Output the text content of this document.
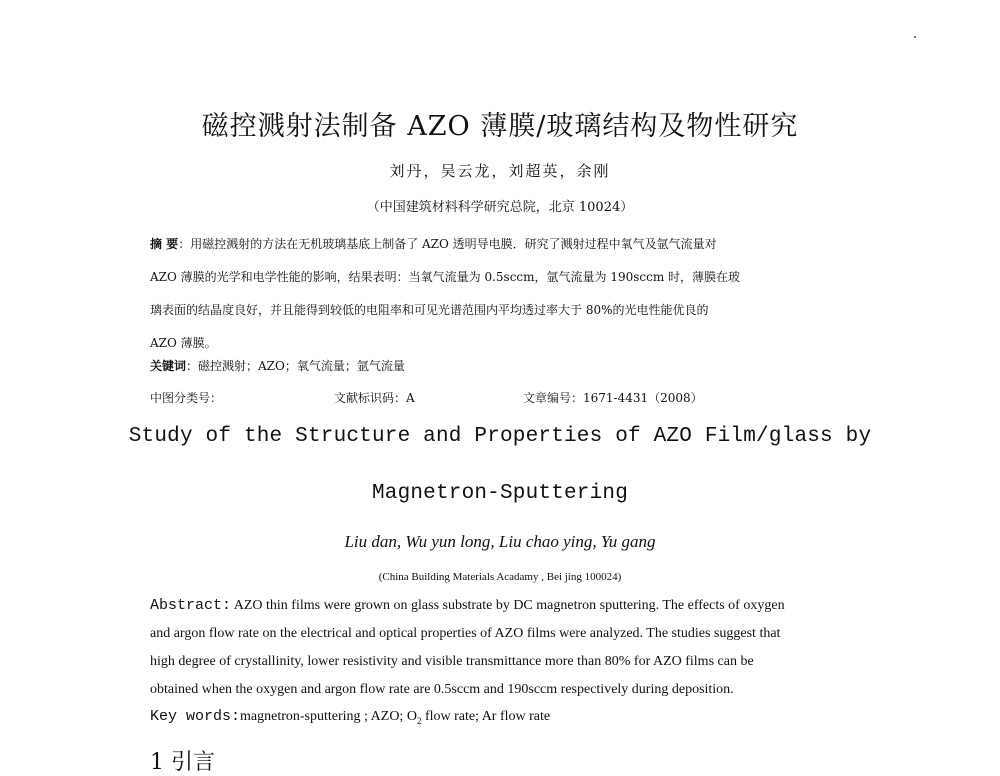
磁控溅射法制备 AZO 薄膜/玻璃结构及物性研究
刘丹，吴云龙，刘超英，余刚
（中国建筑材料科学研究总院，北京 10024）
摘 要：用磁控溅射的方法在无机玻璃基底上制备了 AZO 透明导电膜．研究了溅射过程中氧气及氩气流量对
AZO 薄膜的光学和电学性能的影响，结果表明：当氧气流量为 0.5sccm，氩气流量为 190sccm 时，薄膜在玻
璃表面的结晶度良好，并且能得到较低的电阻率和可见光谱范围内平均透过率大于 80%的光电性能优良的
AZO 薄膜。
关键词：磁控溅射；AZO；氧气流量；氩气流量
中图分类号：	文献标识码：A	文章编号：1671-4431（2008）
Study of the Structure and Properties of AZO Film/glass by
Magnetron-Sputtering
Liu dan, Wu yun long, Liu chao ying, Yu gang
(China Building Materials Acadamy , Bei jing 100024)
Abstract: AZO thin films were grown on glass substrate by DC magnetron sputtering. The effects of oxygen
and argon flow rate on the electrical and optical properties of AZO films were analyzed. The studies suggest that
high degree of crystallinity, lower resistivity and visible transmittance more than 80% for AZO films can be
obtained when the oxygen and argon flow rate are 0.5sccm and 190sccm respectively during deposition.
Key words:magnetron-sputtering ; AZO; $O_2$ flow rate; Ar flow rate
1 引言
